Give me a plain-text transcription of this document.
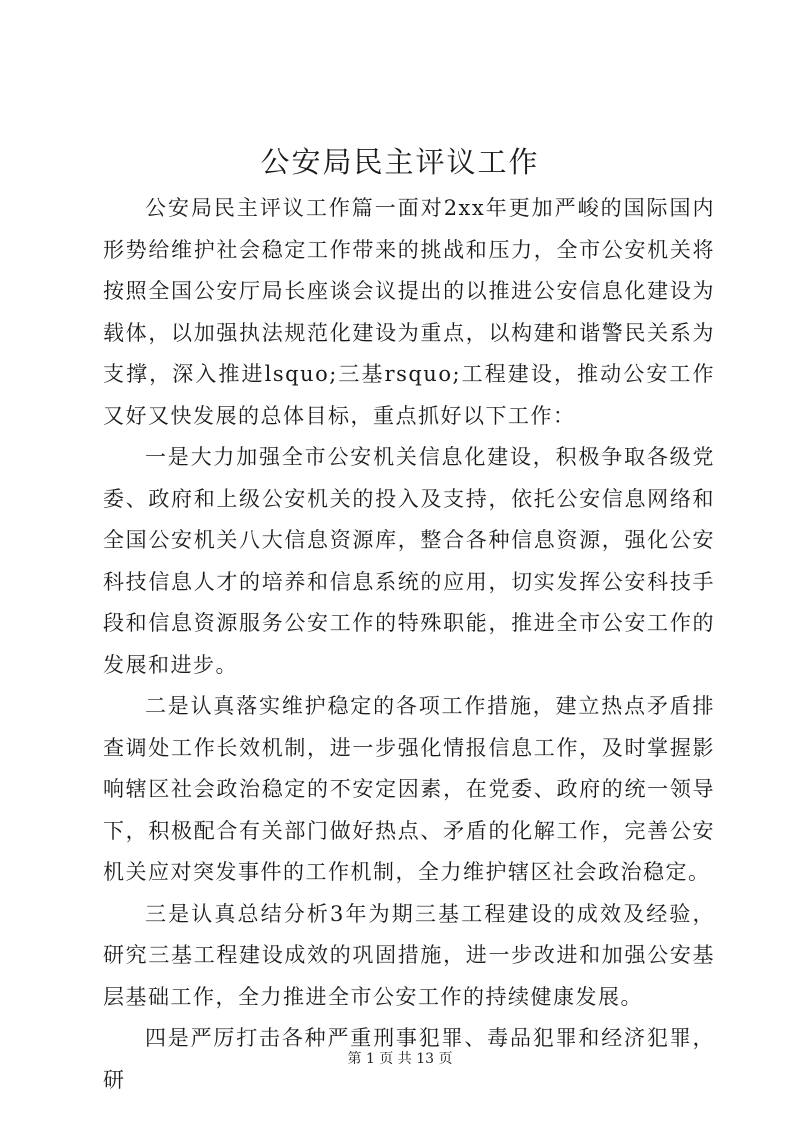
公安局民主评议工作

公安局民主评议工作篇一面对2xx年更加严峻的国际国内形势给维护社会稳定工作带来的挑战和压力，全市公安机关将按照全国公安厅局长座谈会议提出的以推进公安信息化建设为载体，以加强执法规范化建设为重点，以构建和谐警民关系为支撑，深入推进lsquo;三基rsquo;工程建设，推动公安工作又好又快发展的总体目标，重点抓好以下工作：

一是大力加强全市公安机关信息化建设，积极争取各级党委、政府和上级公安机关的投入及支持，依托公安信息网络和全国公安机关八大信息资源库，整合各种信息资源，强化公安科技信息人才的培养和信息系统的应用，切实发挥公安科技手段和信息资源服务公安工作的特殊职能，推进全市公安工作的发展和进步。

二是认真落实维护稳定的各项工作措施，建立热点矛盾排查调处工作长效机制，进一步强化情报信息工作，及时掌握影响辖区社会政治稳定的不安定因素，在党委、政府的统一领导下，积极配合有关部门做好热点、矛盾的化解工作，完善公安机关应对突发事件的工作机制，全力维护辖区社会政治稳定。

三是认真总结分析3年为期三基工程建设的成效及经验，研究三基工程建设成效的巩固措施，进一步改进和加强公安基层基础工作，全力推进全市公安工作的持续健康发展。

四是严厉打击各种严重刑事犯罪、毒品犯罪和经济犯罪，研

第 1 页 共 13 页
